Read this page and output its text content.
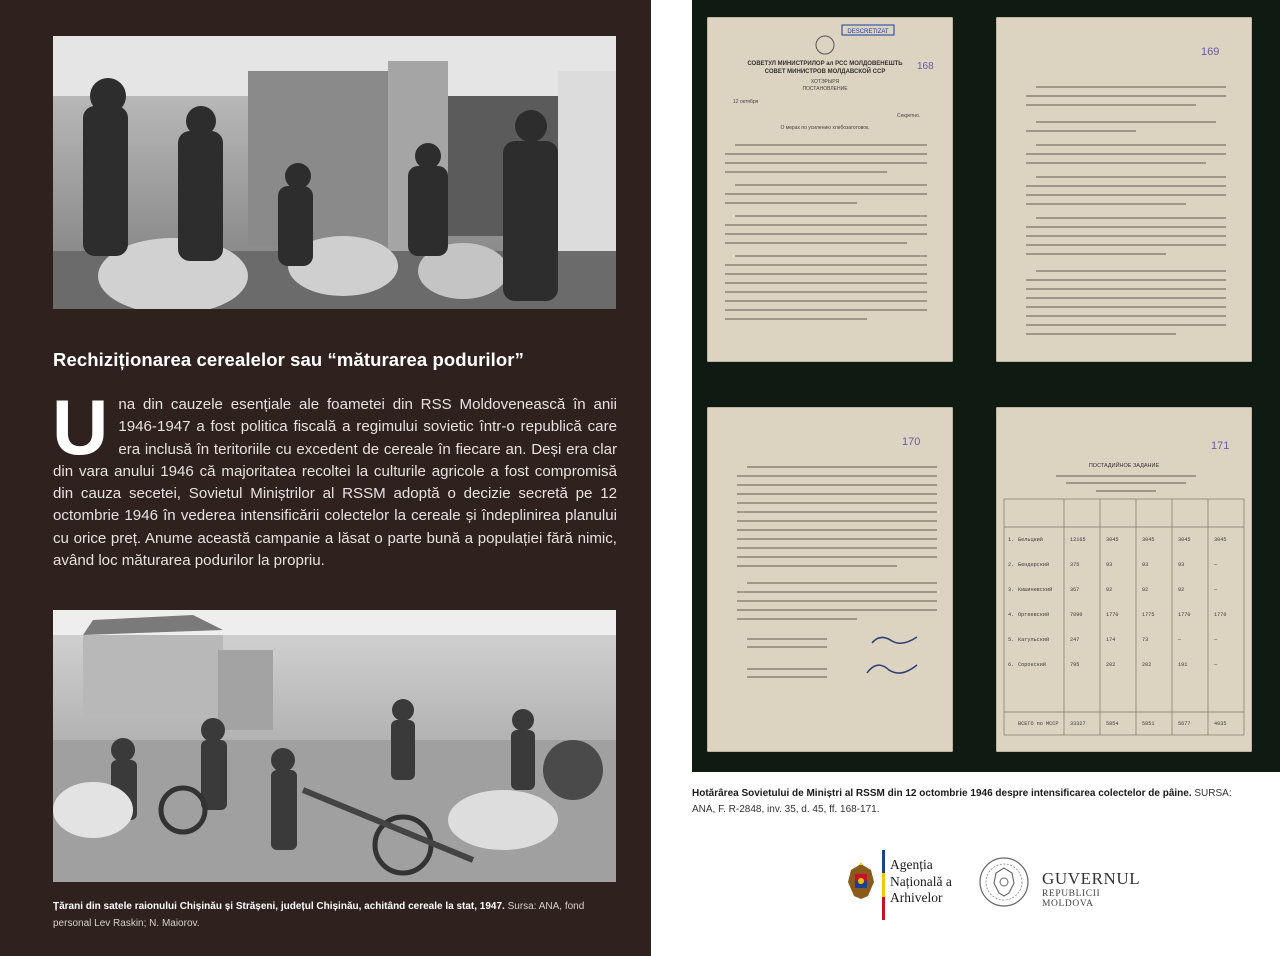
Rechiziționarea cerealelor sau “măturarea podurilor”
Una din cauzele esențiale ale foametei din RSS Moldovenească în anii 1946-1947 a fost politica fiscală a regimului sovietic într-o republică care era inclusă în teritoriile cu excedent de cereale în fiecare an. Deși era clar din vara anului 1946 că majoritatea recoltei la culturile agricole a fost compromisă din cauza secetei, Sovietul Miniștrilor al RSSM adoptă o decizie secretă pe 12 octombrie 1946 în vederea intensificării colectelor la cereale și îndeplinirea planului cu orice preț. Anume această campanie a lăsat o parte bună a populației fără nimic, având loc măturarea podurilor la propriu.
Țărani din satele raionului Chișinău și Strășeni, județul Chișinău, achitând cereale la stat, 1947. Sursa: ANA, fond personal Lev Raskin; N. Maiorov.
DESCRETIZAT
168
СОВЕТУЛ МИНИСТРИЛОР ал РСС МОЛДОВЕНЕШТЬ
СОВЕТ МИНИСТРОВ МОЛДАВСКОЙ ССР
ХОТЭРЫРЯ
ПОСТАНОВЛЕНИЕ
12 октября
Секретно.
О мерах по усилению хлебозаготовок.
169
170	171
ПОСТАДИЙНОЕ ЗАДАНИЕ
1. Бельцкий	12165	3045	3045	3045	3045
2. Бендерский	375	93	93	93	—
3. Кишиневский	367	92	92	92	—
4. Оргеевский	7090	1770	1775	1770	1770
5. Кагульский	247	174	73	—	—
6. Сорокский	795	202	202	191	—
ВСЕГО по МССР 33327	5854	5851	5677	4935
Hotărârea Sovietului de Miniștri al RSSM din 12 octombrie 1946 despre intensificarea colectelor de pâine. SURSA: ANA, F. R-2848, inv. 35, d. 45, ff. 168-171.
Agenția
Națională a
Arhivelor
GUVERNUL
REPUBLICII MOLDOVA
